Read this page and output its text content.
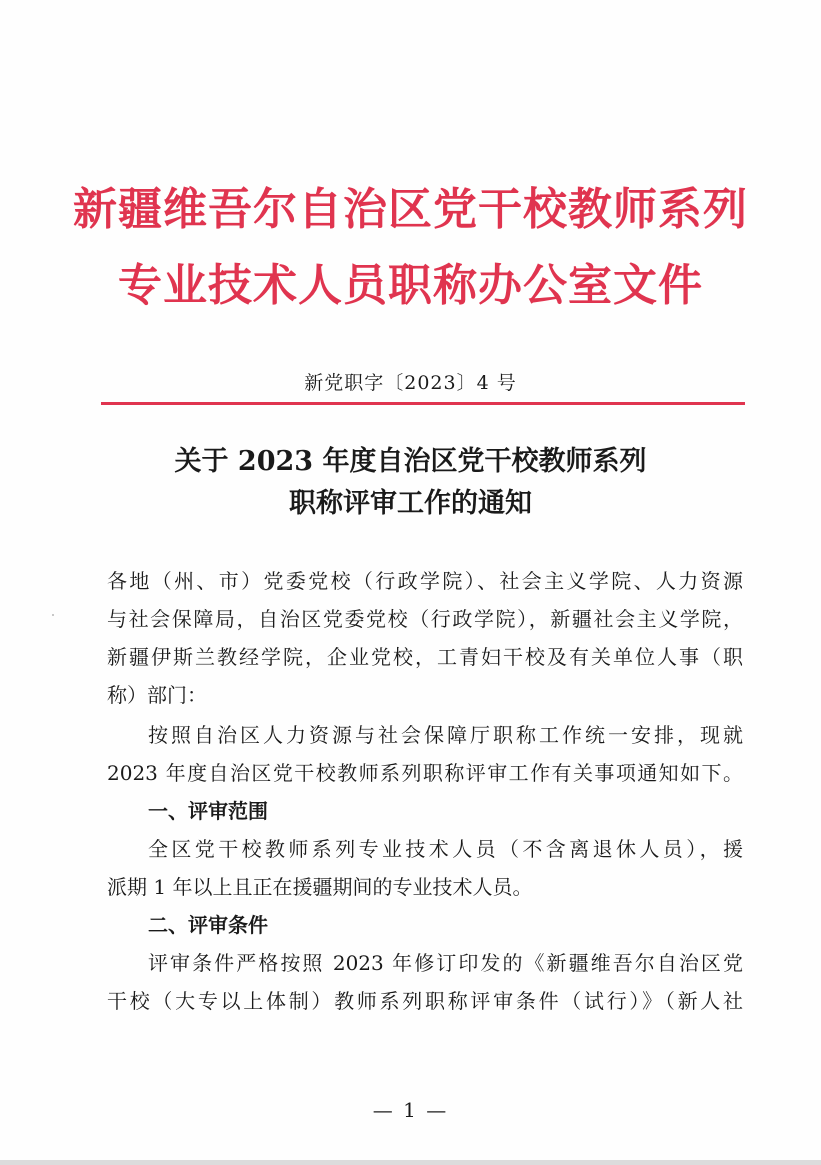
新疆维吾尔自治区党干校教师系列
专业技术人员职称办公室文件
新党职字〔2023〕4 号
关于 2023 年度自治区党干校教师系列
职称评审工作的通知
各地（州、市）党委党校（行政学院）、社会主义学院、人力资源
与社会保障局，自治区党委党校（行政学院），新疆社会主义学院，
新疆伊斯兰教经学院，企业党校，工青妇干校及有关单位人事（职
称）部门：
按照自治区人力资源与社会保障厅职称工作统一安排，现就
2023 年度自治区党干校教师系列职称评审工作有关事项通知如下。
一、评审范围
全区党干校教师系列专业技术人员（不含离退休人员），援
派期 1 年以上且正在援疆期间的专业技术人员。
二、评审条件
评审条件严格按照 2023 年修订印发的《新疆维吾尔自治区党
干校（大专以上体制）教师系列职称评审条件（试行）》（新人社
— 1 —
